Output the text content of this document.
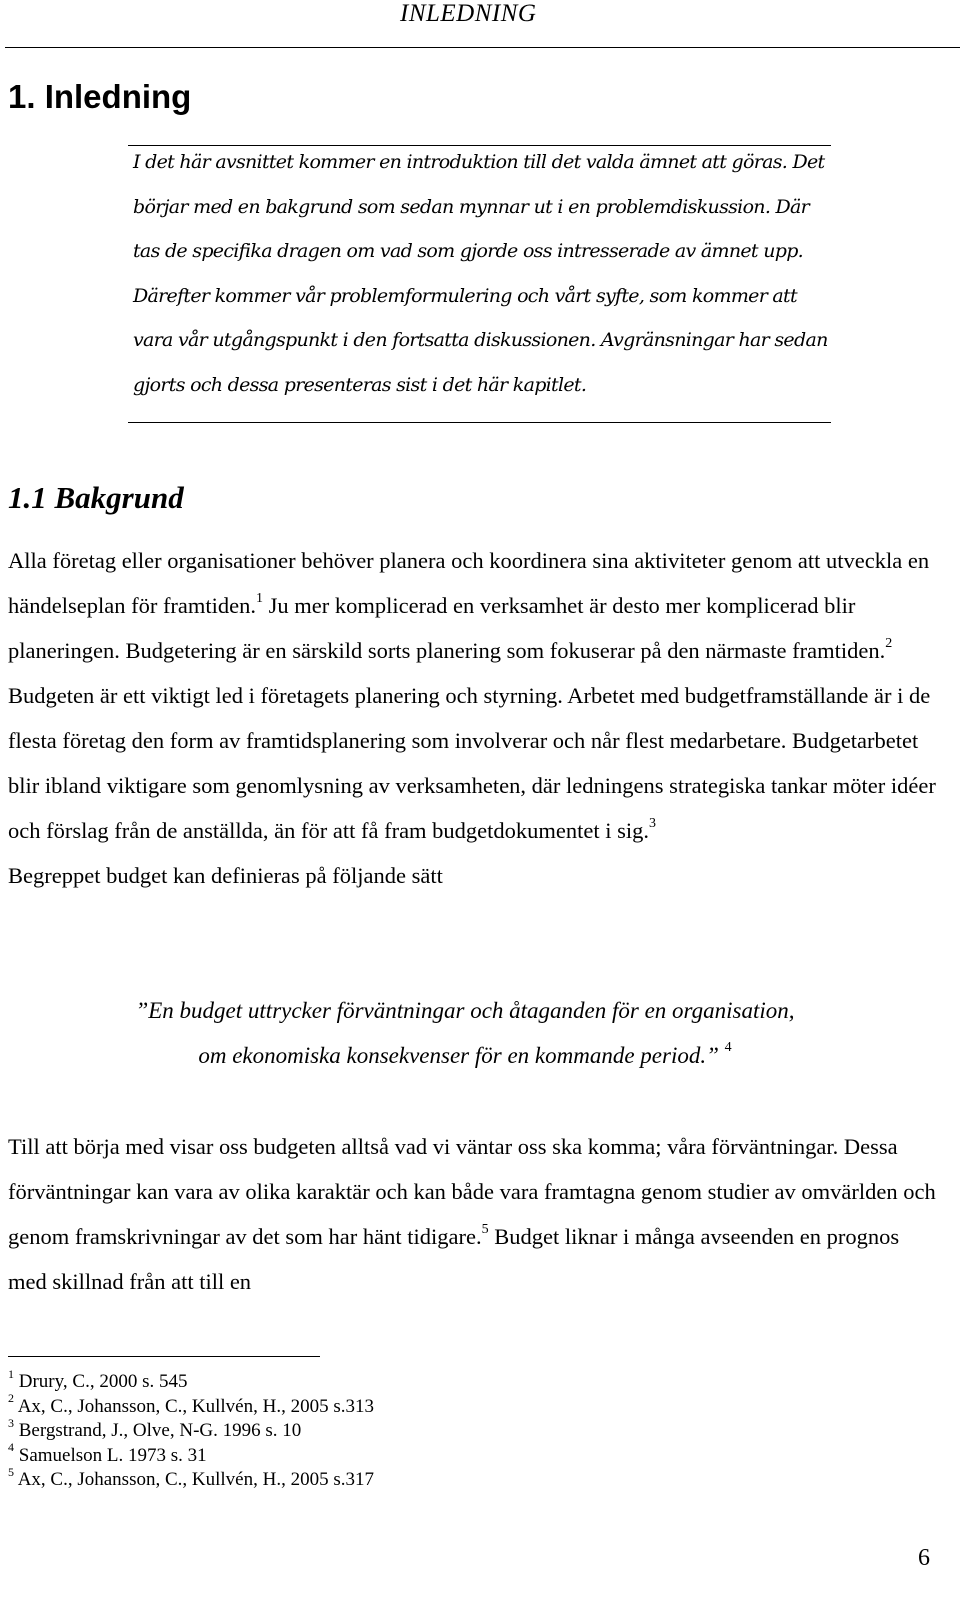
INLEDNING
1. Inledning

I det här avsnittet kommer en introduktion till det valda ämnet att göras. Det börjar med en bakgrund som sedan mynnar ut i en problemdiskussion. Där tas de specifika dragen om vad som gjorde oss intresserade av ämnet upp. Därefter kommer vår problemformulering och vårt syfte, som kommer att vara vår utgångspunkt i den fortsatta diskussionen. Avgränsningar har sedan gjorts och dessa presenteras sist i det här kapitlet.

1.1 Bakgrund

Alla företag eller organisationer behöver planera och koordinera sina aktiviteter genom att utveckla en händelseplan för framtiden.$^1$ Ju mer komplicerad en verksamhet är desto mer komplicerad blir planeringen. Budgetering är en särskild sorts planering som fokuserar på den närmaste framtiden.$^2$ Budgeten är ett viktigt led i företagets planering och styrning. Arbetet med budgetframställande är i de flesta företag den form av framtidsplanering som involverar och når flest medarbetare. Budgetarbetet blir ibland viktigare som genomlysning av verksamheten, där ledningens strategiska tankar möter idéer och förslag från de anställda, än för att få fram budgetdokumentet i sig.$^3$
Begreppet budget kan definieras på följande sätt

”En budget uttrycker förväntningar och åtaganden för en organisation,
om ekonomiska konsekvenser för en kommande period.” $^4$

Till att börja med visar oss budgeten alltså vad vi väntar oss ska komma; våra förväntningar. Dessa förväntningar kan vara av olika karaktär och kan både vara framtagna genom studier av omvärlden och genom framskrivningar av det som har hänt tidigare.$^5$ Budget liknar i många avseenden en prognos med skillnad från att till en

$^1$ Drury, C., 2000 s. 545
$^2$ Ax, C., Johansson, C., Kullvén, H., 2005 s.313
$^3$ Bergstrand, J., Olve, N-G. 1996 s. 10
$^4$ Samuelson L. 1973 s. 31
$^5$ Ax, C., Johansson, C., Kullvén, H., 2005 s.317
6
